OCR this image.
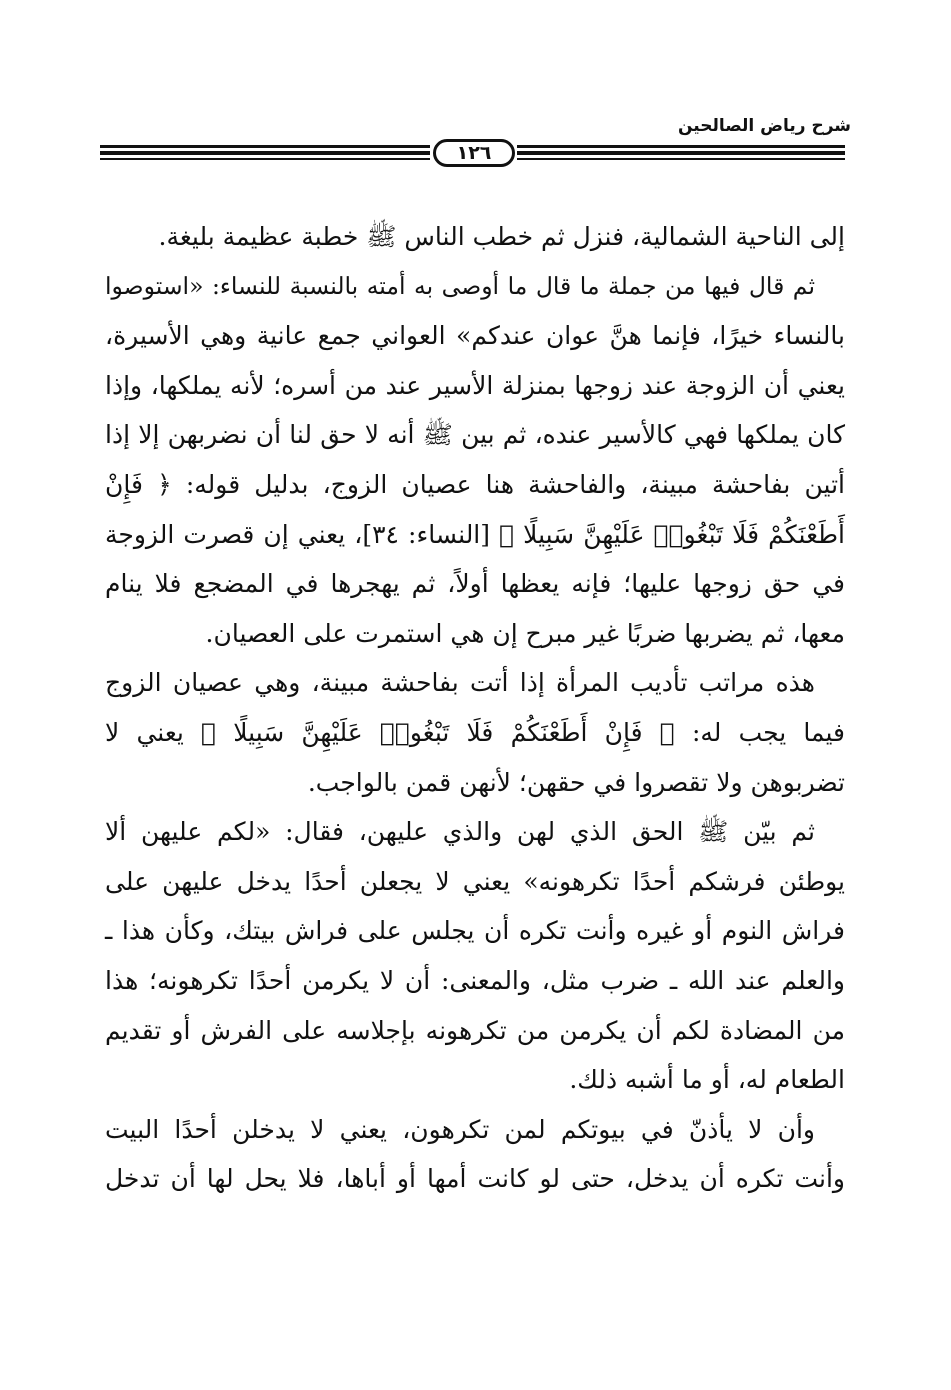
شرح رياض الصالحين
١٢٦

إلى الناحية الشمالية، فنزل ثم خطب الناس ﷺ خطبة عظيمة بليغة.

ثم قال فيها من جملة ما قال ما أوصى به أمته بالنسبة للنساء: «استوصوا
بالنساء خيرًا، فإنما هنَّ عوان عندكم» العواني جمع عانية وهي الأسيرة،
يعني أن الزوجة عند زوجها بمنزلة الأسير عند من أسره؛ لأنه يملكها، وإذا
كان يملكها فهي كالأسير عنده، ثم بين ﷺ أنه لا حق لنا أن نضربهن إلا إذا
أتين بفاحشة مبينة، والفاحشة هنا عصيان الزوج، بدليل قوله: ﴿ فَإِنْ
أَطَعْنَكُمْ فَلَا تَبْغُوا۟ عَلَيْهِنَّ سَبِيلًا ﴾ [النساء: ٣٤]، يعني إن قصرت الزوجة
في حق زوجها عليها؛ فإنه يعظها أولاً، ثم يهجرها في المضجع فلا ينام
معها، ثم يضربها ضربًا غير مبرح إن هي استمرت على العصيان.

هذه مراتب تأديب المرأة إذا أتت بفاحشة مبينة، وهي عصيان الزوج
فيما يجب له: ﴿ فَإِنْ أَطَعْنَكُمْ فَلَا تَبْغُوا۟ عَلَيْهِنَّ سَبِيلًا ﴾ يعني لا
تضربوهن ولا تقصروا في حقهن؛ لأنهن قمن بالواجب.

ثم بيّن ﷺ الحق الذي لهن والذي عليهن، فقال: «لكم عليهن ألا
يوطئن فرشكم أحدًا تكرهونه» يعني لا يجعلن أحدًا يدخل عليهن على
فراش النوم أو غيره وأنت تكره أن يجلس على فراش بيتك، وكأن هذا ـ
والعلم عند الله ـ ضرب مثل، والمعنى: أن لا يكرمن أحدًا تكرهونه؛ هذا
من المضادة لكم أن يكرمن من تكرهونه بإجلاسه على الفرش أو تقديم
الطعام له، أو ما أشبه ذلك.

وأن لا يأذنّ في بيوتكم لمن تكرهون، يعني لا يدخلن أحدًا البيت
وأنت تكره أن يدخل، حتى لو كانت أمها أو أباها، فلا يحل لها أن تدخل
